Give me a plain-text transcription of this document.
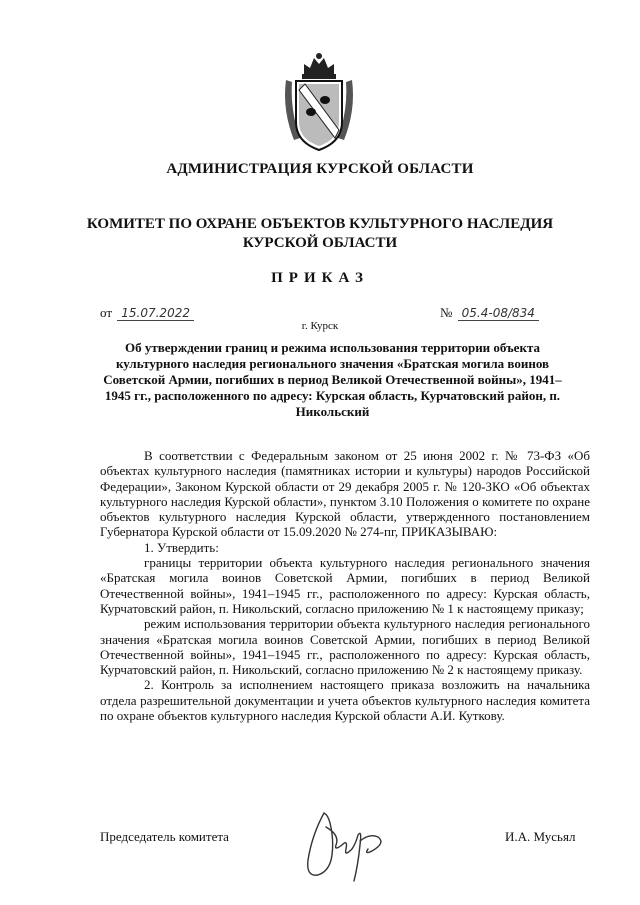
АДМИНИСТРАЦИЯ КУРСКОЙ ОБЛАСТИ
КОМИТЕТ ПО ОХРАНЕ ОБЪЕКТОВ КУЛЬТУРНОГО НАСЛЕДИЯ КУРСКОЙ ОБЛАСТИ
ПРИКАЗ
от 15.07.2022	№ 05.4-08/834
г. Курск
Об утверждении границ и режима использования территории объекта культурного наследия регионального значения «Братская могила воинов Советской Армии, погибших в период Великой Отечественной войны», 1941–1945 гг., расположенного по адресу: Курская область, Курчатовский район, п. Никольский

В соответствии с Федеральным законом от 25 июня 2002 г. № 73-ФЗ «Об объектах культурного наследия (памятниках истории и культуры) народов Российской Федерации», Законом Курской области от 29 декабря 2005 г. № 120-ЗКО «Об объектах культурного наследия Курской области», пунктом 3.10 Положения о комитете по охране объектов культурного наследия Курской области, утвержденного постановлением Губернатора Курской области от 15.09.2020 № 274-пг, ПРИКАЗЫВАЮ:

1. Утвердить:

границы территории объекта культурного наследия регионального значения «Братская могила воинов Советской Армии, погибших в период Великой Отечественной войны», 1941–1945 гг., расположенного по адресу: Курская область, Курчатовский район, п. Никольский, согласно приложению № 1 к настоящему приказу;

режим использования территории объекта культурного наследия регионального значения «Братская могила воинов Советской Армии, погибших в период Великой Отечественной войны», 1941–1945 гг., расположенного по адресу: Курская область, Курчатовский район, п. Никольский, согласно приложению № 2 к настоящему приказу.

2. Контроль за исполнением настоящего приказа возложить на начальника отдела разрешительной документации и учета объектов культурного наследия комитета по охране объектов культурного наследия Курской области А.И. Куткову.

Председатель комитета	И.А. Мусьял
